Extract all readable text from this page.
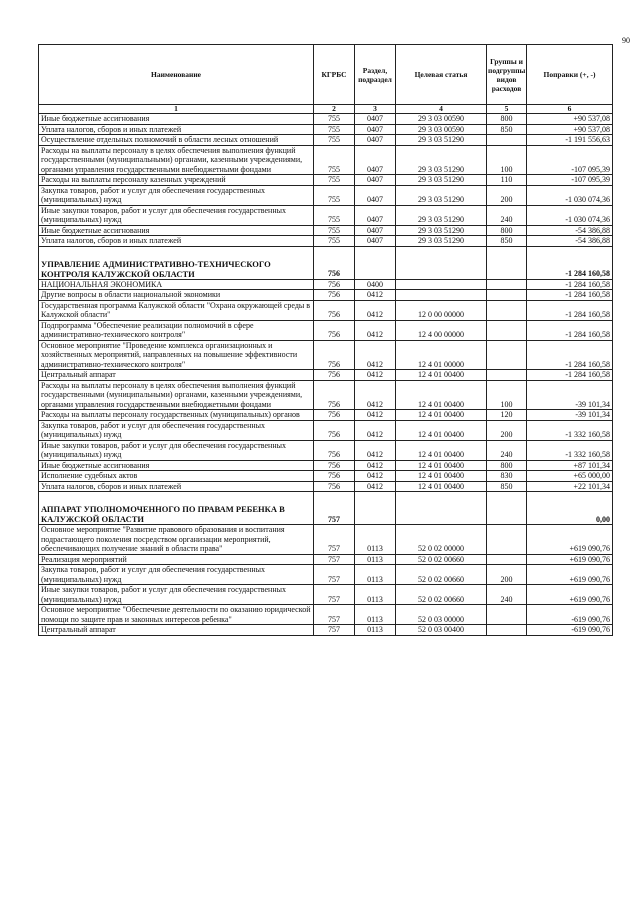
90
Наименование	КГРБС	Раздел, подраздел	Целевая статья	Группы и подгруппы видов расходов	Поправки (+, -)
1	2	3	4	5	6
Иные бюджетные ассигнования	755	0407	29 3 03 00590	800	+90 537,08
Уплата налогов, сборов и иных платежей	755	0407	29 3 03 00590	850	+90 537,08
Осуществление отдельных полномочий в области лесных отношений	755	0407	29 3 03 51290		-1 191 556,63
Расходы на выплаты персоналу в целях обеспечения выполнения функций государственными (муниципальными) органами, казенными учреждениями, органами управления государственными внебюджетными фондами	755	0407	29 3 03 51290	100	-107 095,39
Расходы на выплаты персоналу казенных учреждений	755	0407	29 3 03 51290	110	-107 095,39
Закупка товаров, работ и услуг для обеспечения государственных (муниципальных) нужд	755	0407	29 3 03 51290	200	-1 030 074,36
Иные закупки товаров, работ и услуг для обеспечения государственных (муниципальных) нужд	755	0407	29 3 03 51290	240	-1 030 074,36
Иные бюджетные ассигнования	755	0407	29 3 03 51290	800	-54 386,88
Уплата налогов, сборов и иных платежей	755	0407	29 3 03 51290	850	-54 386,88
УПРАВЛЕНИЕ АДМИНИСТРАТИВНО-ТЕХНИЧЕСКОГО КОНТРОЛЯ КАЛУЖСКОЙ ОБЛАСТИ	756				-1 284 160,58
НАЦИОНАЛЬНАЯ ЭКОНОМИКА	756	0400			-1 284 160,58
Другие вопросы в области национальной экономики	756	0412			-1 284 160,58
Государственная программа Калужской области "Охрана окружающей среды в Калужской области"	756	0412	12 0 00 00000		-1 284 160,58
Подпрограмма "Обеспечение реализации полномочий в сфере административно-технического контроля"	756	0412	12 4 00 00000		-1 284 160,58
Основное мероприятие "Проведение комплекса организационных и хозяйственных мероприятий, направленных на повышение эффективности административно-технического контроля"	756	0412	12 4 01 00000		-1 284 160,58
Центральный аппарат	756	0412	12 4 01 00400		-1 284 160,58
Расходы на выплаты персоналу в целях обеспечения выполнения функций государственными (муниципальными) органами, казенными учреждениями, органами управления государственными внебюджетными фондами	756	0412	12 4 01 00400	100	-39 101,34
Расходы на выплаты персоналу государственных (муниципальных) органов	756	0412	12 4 01 00400	120	-39 101,34
Закупка товаров, работ и услуг для обеспечения государственных (муниципальных) нужд	756	0412	12 4 01 00400	200	-1 332 160,58
Иные закупки товаров, работ и услуг для обеспечения государственных (муниципальных) нужд	756	0412	12 4 01 00400	240	-1 332 160,58
Иные бюджетные ассигнования	756	0412	12 4 01 00400	800	+87 101,34
Исполнение судебных актов	756	0412	12 4 01 00400	830	+65 000,00
Уплата налогов, сборов и иных платежей	756	0412	12 4 01 00400	850	+22 101,34
АППАРАТ УПОЛНОМОЧЕННОГО ПО ПРАВАМ РЕБЕНКА В КАЛУЖСКОЙ ОБЛАСТИ	757				0,00
Основное мероприятие "Развитие правового образования и воспитания подрастающего поколения посредством организации мероприятий, обеспечивающих получение знаний в области права"	757	0113	52 0 02 00000		+619 090,76
Реализация мероприятий	757	0113	52 0 02 00660		+619 090,76
Закупка товаров, работ и услуг для обеспечения государственных (муниципальных) нужд	757	0113	52 0 02 00660	200	+619 090,76
Иные закупки товаров, работ и услуг для обеспечения государственных (муниципальных) нужд	757	0113	52 0 02 00660	240	+619 090,76
Основное мероприятие "Обеспечение деятельности по оказанию юридической помощи по защите прав и законных интересов ребенка"	757	0113	52 0 03 00000		-619 090,76
Центральный аппарат	757	0113	52 0 03 00400		-619 090,76
